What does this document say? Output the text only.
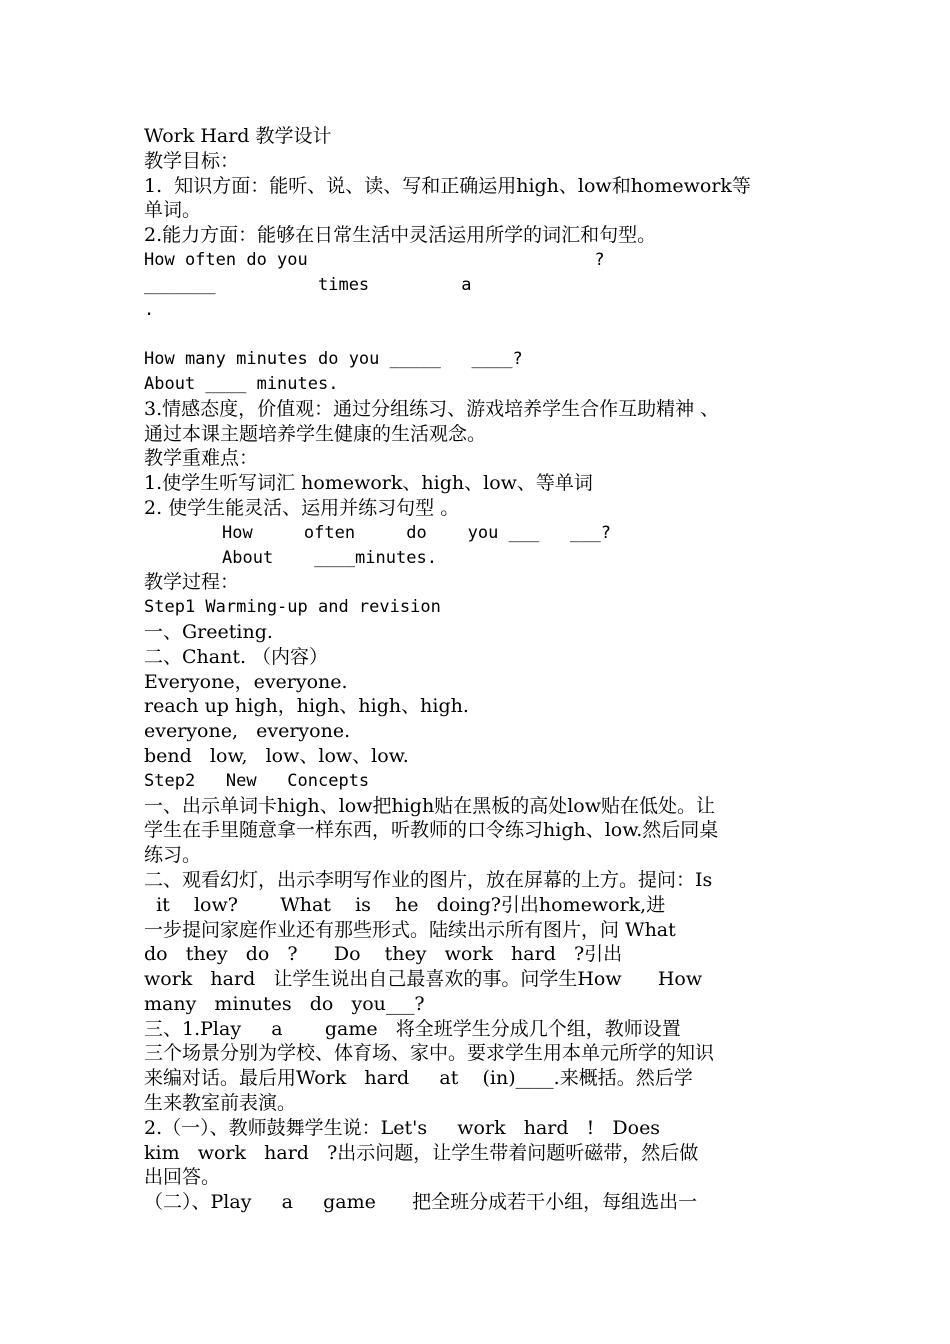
Work Hard 教学设计
教学目标：
1.  知识方面：能听、说、读、写和正确运用high、low和homework等
单词。
2.能力方面：能够在日常生活中灵活运用所学的词汇和句型。
How often do you                            ?
_______          times         a
.
How many minutes do you _____   ____?
About ____ minutes.
3.情感态度，价值观：通过分组练习、游戏培养学生合作互助精神 、
通过本课主题培养学生健康的生活观念。
教学重难点：
1.使学生听写词汇 homework、high、low、等单词
2. 使学生能灵活、运用并练习句型 。
How     often     do    you ___   ___?
About    ____minutes.
教学过程：
Step1 Warming-up and revision
一、Greeting.
二、Chant. （内容）
Everyone，everyone.
reach up high，high、high、high.
everyone,   everyone.
bend   low,   low、low、low.
Step2   New   Concepts
一、出示单词卡high、low把high贴在黑板的高处low贴在低处。让
学生在手里随意拿一样东西，听教师的口令练习high、low.然后同桌
练习。
二、观看幻灯，出示李明写作业的图片，放在屏幕的上方。提问：Is
it    low?       What    is    he   doing?引出homework,进
一步提问家庭作业还有那些形式。陆续出示所有图片，问 What
do   they   do   ?      Do    they   work   hard   ?引出
work   hard   让学生说出自己最喜欢的事。问学生How      How
many   minutes   do   you___?
三、1.Play     a       game   将全班学生分成几个组，教师设置
三个场景分别为学校、体育场、家中。要求学生用本单元所学的知识
来编对话。最后用Work   hard     at    (in)____.来概括。然后学
生来教室前表演。
2.（一）、教师鼓舞学生说：Let's     work   hard   !   Does
kim   work   hard   ?出示问题，让学生带着问题听磁带，然后做
出回答。
（二）、Play     a     game      把全班分成若干小组，每组选出一
